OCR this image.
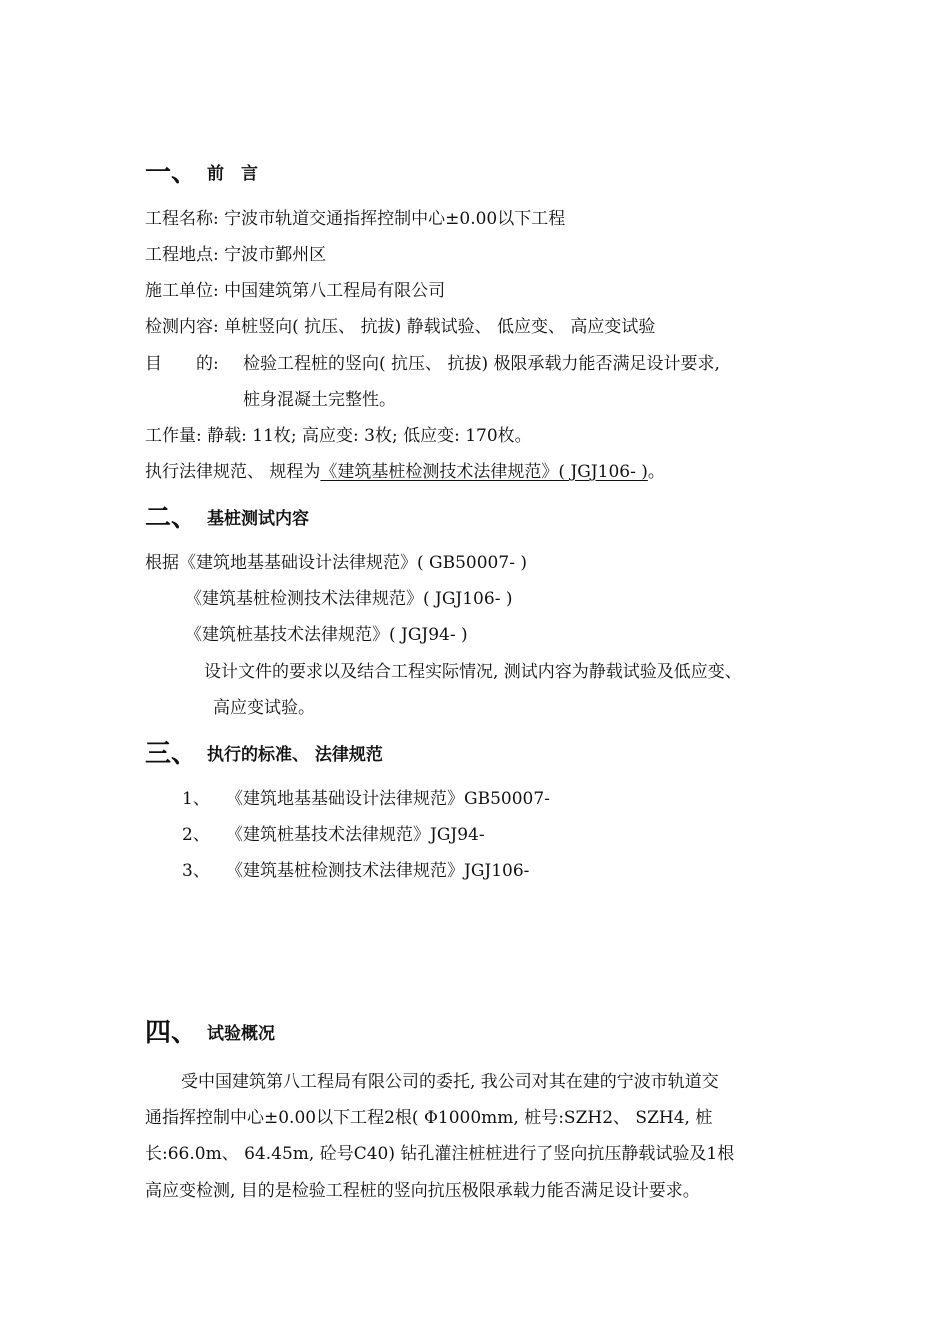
一、 前　言
工程名称: 宁波市轨道交通指挥控制中心±0.00以下工程
工程地点: 宁波市鄞州区
施工单位: 中国建筑第八工程局有限公司
检测内容: 单桩竖向( 抗压、 抗拔) 静载试验、 低应变、 高应变试验
目　　的: 检验工程桩的竖向( 抗压、 抗拔) 极限承载力能否满足设计要求,
桩身混凝土完整性。
工作量: 静载: 11枚; 高应变: 3枚; 低应变: 170枚。
执行法律规范、 规程为《建筑基桩检测技术法律规范》( JGJ106- )。
二、 基桩测试内容
根据《建筑地基基础设计法律规范》( GB50007- )
《建筑基桩检测技术法律规范》( JGJ106- )
《建筑桩基技术法律规范》( JGJ94- )
设计文件的要求以及结合工程实际情况, 测试内容为静载试验及低应变、
高应变试验。
三、 执行的标准、 法律规范
1、 《建筑地基基础设计法律规范》GB50007-
2、 《建筑桩基技术法律规范》JGJ94-
3、 《建筑基桩检测技术法律规范》JGJ106-
四、 试验概况
受中国建筑第八工程局有限公司的委托, 我公司对其在建的宁波市轨道交
通指挥控制中心±0.00以下工程2根( Φ1000mm, 桩号:SZH2、 SZH4, 桩
长:66.0m、 64.45m, 砼号C40) 钻孔灌注桩桩进行了竖向抗压静载试验及1根
高应变检测, 目的是检验工程桩的竖向抗压极限承载力能否满足设计要求。
